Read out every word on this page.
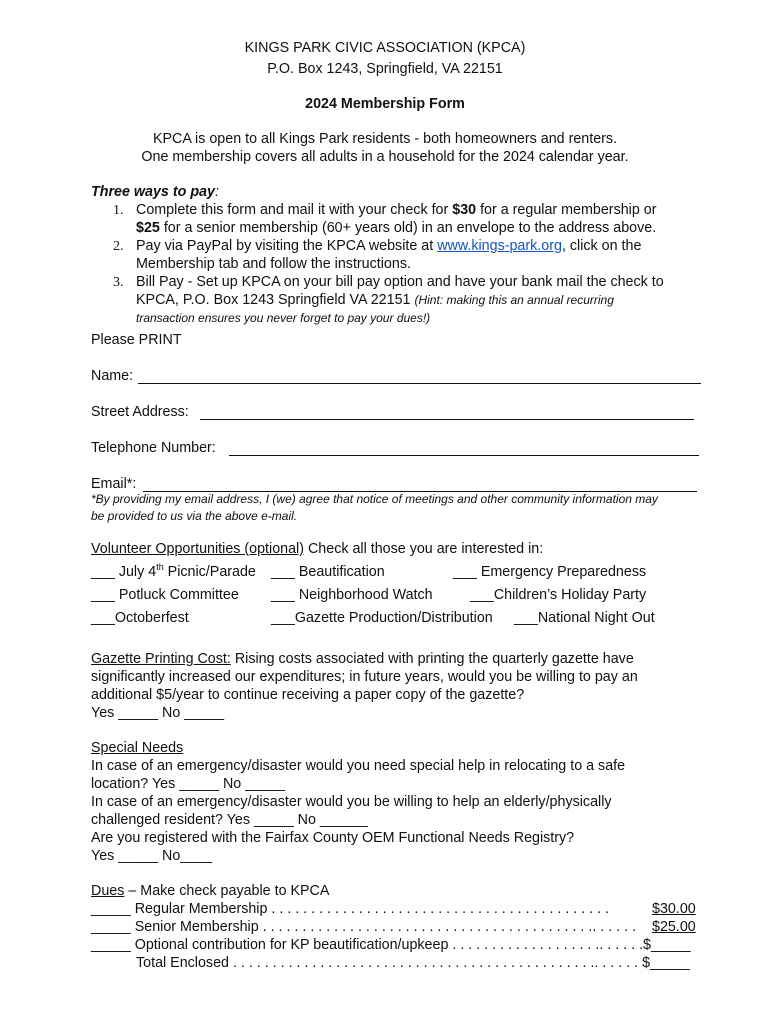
KINGS PARK CIVIC ASSOCIATION (KPCA)
P.O. Box 1243, Springfield, VA 22151
2024 Membership Form
KPCA is open to all Kings Park residents - both homeowners and renters.
One membership covers all adults in a household for the 2024 calendar year.
Three ways to pay:
1. Complete this form and mail it with your check for $30 for a regular membership or
$25 for a senior membership (60+ years old) in an envelope to the address above.
2. Pay via PayPal by visiting the KPCA website at www.kings-park.org, click on the
Membership tab and follow the instructions.
3. Bill Pay - Set up KPCA on your bill pay option and have your bank mail the check to
KPCA, P.O. Box 1243 Springfield VA 22151 (Hint: making this an annual recurring
transaction ensures you never forget to pay your dues!)
Please PRINT
Name:
Street Address:
Telephone Number:
Email*:
*By providing my email address, I (we) agree that notice of meetings and other community information may
be provided to us via the above e-mail.
Volunteer Opportunities (optional) Check all those you are interested in:
___ July 4th Picnic/Parade ___ Beautification	___ Emergency Preparedness
___ Potluck Committee ___ Neighborhood Watch	___Children’s Holiday Party
___Octoberfest	___Gazette Production/Distribution ___National Night Out
Gazette Printing Cost: Rising costs associated with printing the quarterly gazette have
significantly increased our expenditures; in future years, would you be willing to pay an
additional $5/year to continue receiving a paper copy of the gazette?
Yes _____ No _____
Special Needs
In case of an emergency/disaster would you need special help in relocating to a safe
location? Yes _____ No _____
In case of an emergency/disaster would you be willing to help an elderly/physically
challenged resident? Yes _____ No ______
Are you registered with the Fairfax County OEM Functional Needs Registry?
Yes _____ No____
Dues – Make check payable to KPCA
_____ Regular Membership . . . . . . . . . . . . . . . . . . . . . . . . . . . . . . . . . . . . . . . . . . .	$30.00
_____ Senior Membership . . . . . . . . . . . . . . . . . . . . . . . . . . . . . . . . . . . . . . . . . .. . . . . . $25.00
_____ Optional contribution for KP beautification/upkeep . . . . . . . . . . . . . . . . . . .. . . . . .$_____
Total Enclosed . . . . . . . . . . . . . . . . . . . . . . . . . . . . . . . . . . . . . . . . . . . . . .. . . . . . $_____
